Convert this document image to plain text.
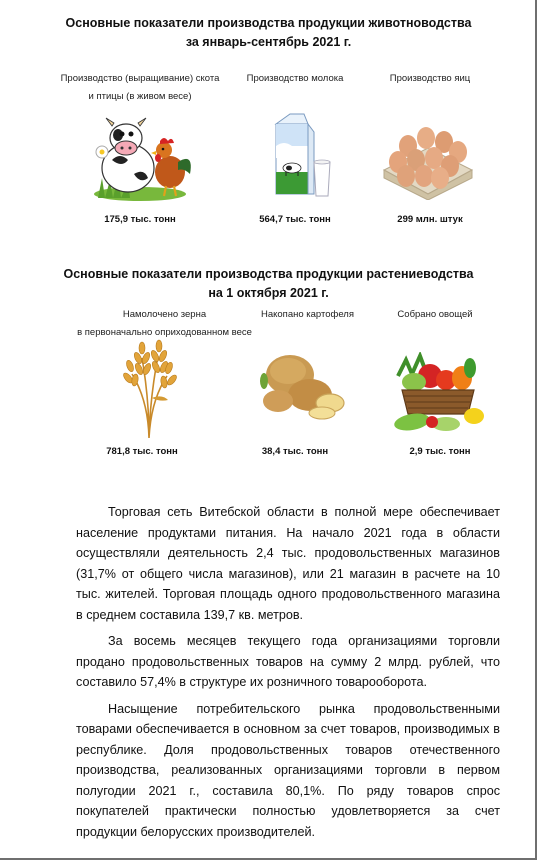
Основные показатели производства продукции животноводства
за январь-сентябрь 2021 г.
Производство (выращивание) скота
и птицы (в живом весе)
Производство молока	Производство яиц
175,9 тыс. тонн	564,7 тыс. тонн	299 млн. штук
Основные показатели производства продукции растениеводства
на 1 октября 2021 г.
Намолочено зерна
в первоначально оприходованном весе
Накопано картофеля	Собрано овощей
781,8 тыс. тонн	38,4 тыс. тонн	2,9 тыс. тонн

Торговая сеть Витебской области в полной мере обеспечивает население продуктами питания. На начало 2021 года в области осуществляли деятельность 2,4 тыс. продовольственных магазинов (31,7% от общего числа магазинов), или 21 магазин в расчете на 10 тыс. жителей. Торговая площадь одного продовольственного магазина в среднем составила 139,7 кв. метров.

За восемь месяцев текущего года организациями торговли продано продовольственных товаров на сумму 2 млрд. рублей, что составило 57,4% в структуре их розничного товарооборота.

Насыщение потребительского рынка продовольственными товарами обеспечивается в основном за счет товаров, производимых в республике. Доля продовольственных товаров отечественного производства, реализованных организациями торговли в первом полугодии 2021 г., составила 80,1%. По ряду товаров спрос покупателей практически полностью удовлетворяется за счет продукции белорусских производителей.
